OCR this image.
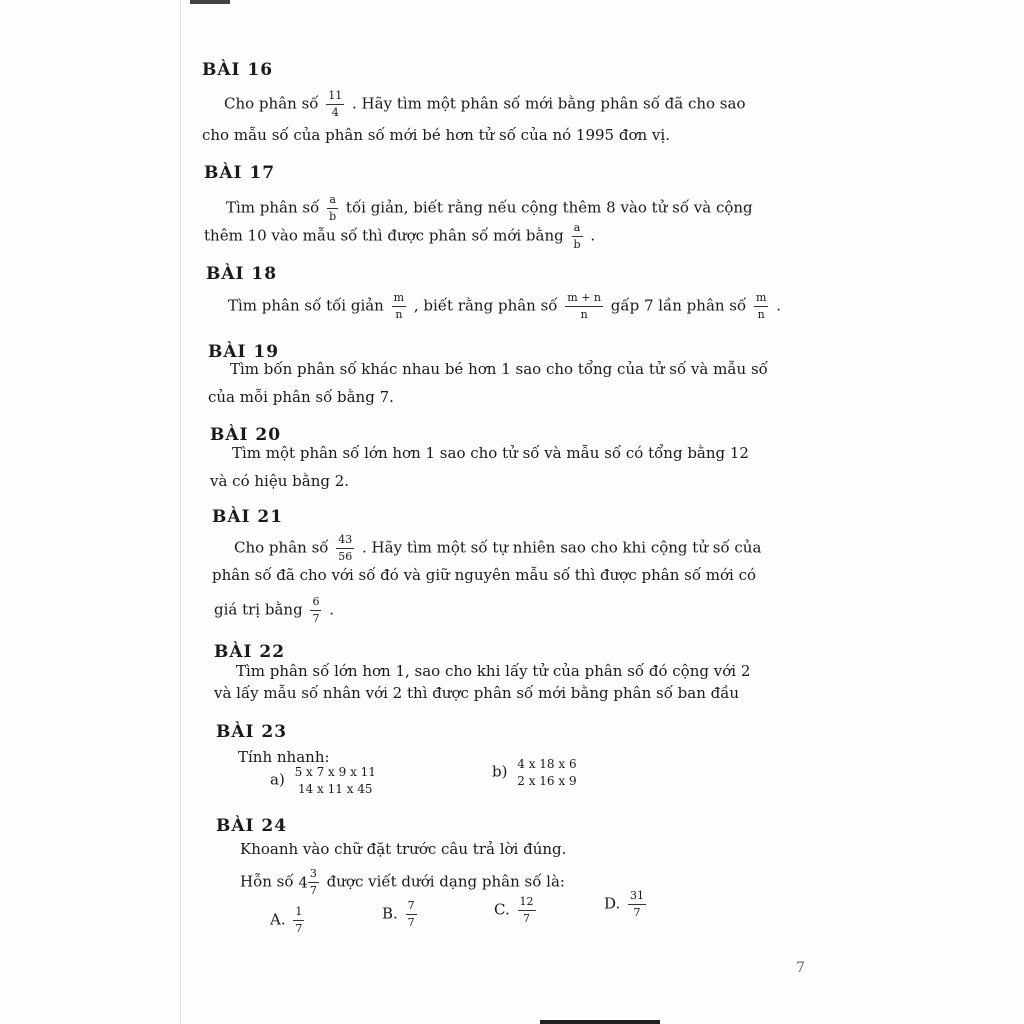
BÀI 16
Cho phân số $\frac{11}{4}$ . Hãy tìm một phân số mới bằng phân số đã cho sao
cho mẫu số của phân số mới bé hơn tử số của nó 1995 đơn vị.
BÀI 17
Tìm phân số $\frac{a}{b}$ tối giản, biết rằng nếu cộng thêm 8 vào tử số và cộng
thêm 10 vào mẫu số thì được phân số mới bằng $\frac{a}{b}$ .
BÀI 18
Tìm phân số tối giản $\frac{m}{n}$ , biết rằng phân số $\frac{m + n}{n}$ gấp 7 lần phân số $\frac{m}{n}$ .
BÀI 19
Tìm bốn phân số khác nhau bé hơn 1 sao cho tổng của tử số và mẫu số
của mỗi phân số bằng 7.
BÀI 20
Tìm một phân số lớn hơn 1 sao cho tử số và mẫu số có tổng bằng 12
và có hiệu bằng 2.
BÀI 21
Cho phân số $\frac{43}{56}$ . Hãy tìm một số tự nhiên sao cho khi cộng tử số của
phân số đã cho với số đó và giữ nguyên mẫu số thì được phân số mới có
giá trị bằng $\frac{6}{7}$ .
BÀI 22
Tìm phân số lớn hơn 1, sao cho khi lấy tử của phân số đó cộng với 2
và lấy mẫu số nhân với 2 thì được phân số mới bằng phân số ban đầu
BÀI 23
Tính nhanh:
a) 5 x 7 x 9 x 11
14 x 11 x 45
b) 4 x 18 x 6
2 x 16 x 9
BÀI 24
Khoanh vào chữ đặt trước câu trả lời đúng.
Hỗn số $4 \frac{3}{7}$ được viết dưới dạng phân số là:
A. $\frac{1}{7}$	B. $\frac{7}{7}$	C. $\frac{12}{7}$	D. $\frac{31}{7}$
7
